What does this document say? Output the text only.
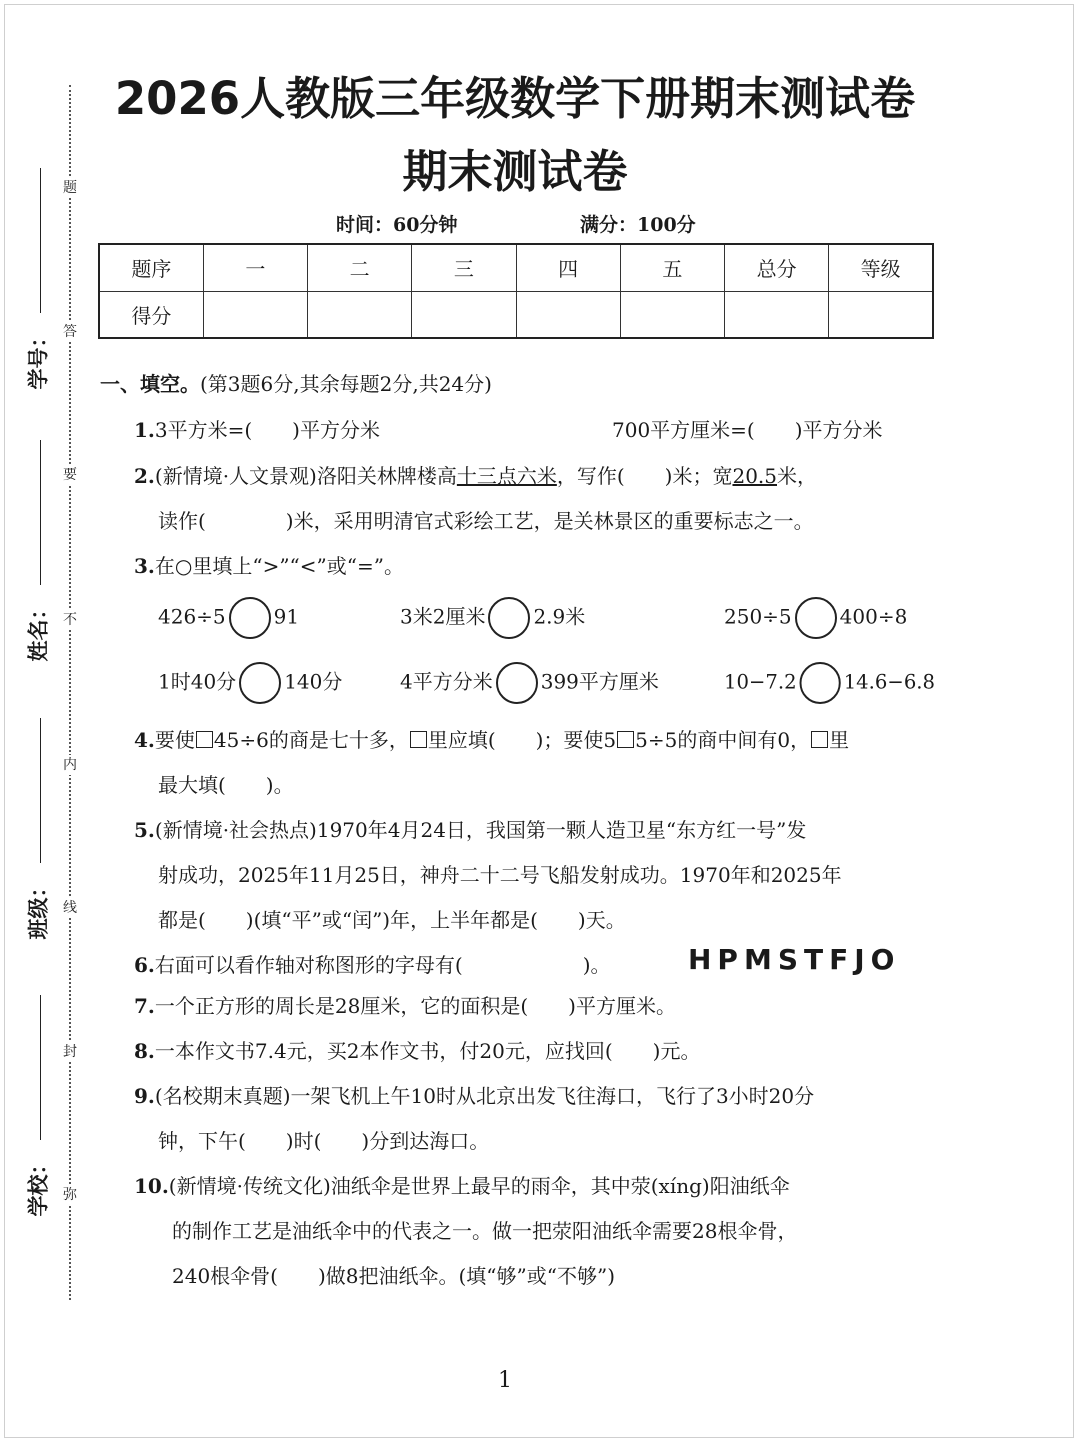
题
答
要
不
内
线
封
弥
学号：
姓名：
班级：
学校：
2026人教版三年级数学下册期末测试卷
期末测试卷
时间：60分钟	满分：100分
题序	一	二	三	四	五	总分	等级
得分							
一、填空。(第3题6分,其余每题2分,共24分)
1.3平方米=(　　)平方分米	700平方厘米=(　　)平方分米
2.(新情境·人文景观)洛阳关林牌楼高十三点六米，写作(　　)米；宽20.5米，
读作(　　　　)米，采用明清官式彩绘工艺，是关林景区的重要标志之一。
3.在○里填上“>”“<”或“=”。
426÷5 91	3米2厘米 2.9米	250÷5 400÷8
1时40分 140分	4平方分米 399平方厘米	10−7.2 14.6−6.8
4.要使 45÷6的商是七十多， 里应填(　　)；要使5 5÷5的商中间有0， 里
最大填(　　)。
5.(新情境·社会热点)1970年4月24日，我国第一颗人造卫星“东方红一号”发
射成功，2025年11月25日，神舟二十二号飞船发射成功。1970年和2025年
都是(　　)(填“平”或“闰”)年，上半年都是(　　)天。
6.右面可以看作轴对称图形的字母有(　　　　　　)。	HPMSTFJO
7.一个正方形的周长是28厘米，它的面积是(　　)平方厘米。
8.一本作文书7.4元，买2本作文书，付20元，应找回(　　)元。
9.(名校期末真题)一架飞机上午10时从北京出发飞往海口，飞行了3小时20分
钟，下午(　　)时(　　)分到达海口。
10.(新情境·传统文化)油纸伞是世界上最早的雨伞，其中荥(xíng)阳油纸伞
的制作工艺是油纸伞中的代表之一。做一把荥阳油纸伞需要28根伞骨，
240根伞骨(　　)做8把油纸伞。(填“够”或“不够”)
1
